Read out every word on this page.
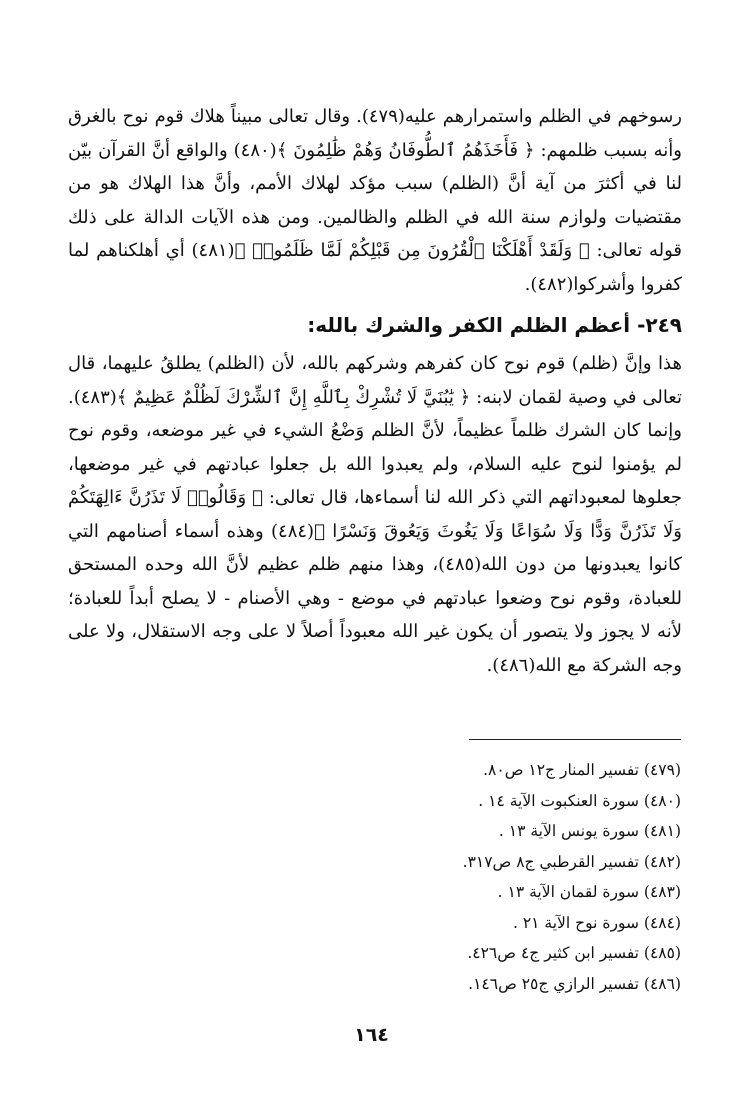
رسوخهم في الظلم واستمرارهم عليه(٤٧٩). وقال تعالى مبيناً هلاك قوم نوح بالغرق وأنه بسبب ظلمهم: ﴿ فَأَخَذَهُمُ ٱلطُّوفَانُ وَهُمْ ظَٰلِمُونَ ﴾(٤٨٠) والواقع أنَّ القرآن بيّن لنا في أكثرَ من آية أنَّ (الظلم) سبب مؤكد لهلاك الأمم، وأنَّ هذا الهلاك هو من مقتضيات ولوازم سنة الله في الظلم والظالمين. ومن هذه الآيات الدالة على ذلك قوله تعالى: ﴿ وَلَقَدْ أَهْلَكْنَا ٱلْقُرُونَ مِن قَبْلِكُمْ لَمَّا ظَلَمُوا۟ ﴾(٤٨١) أي أهلكناهم لما كفروا وأشركوا(٤٨٢).

٢٤٩- أعظم الظلم الكفر والشرك بالله:

هذا وإنَّ (ظلم) قوم نوح كان كفرهم وشركهم بالله، لأن (الظلم) يطلقُ عليهما، قال تعالى في وصية لقمان لابنه: ﴿ يَٰبُنَيَّ لَا تُشْرِكْ بِٱللَّهِ إِنَّ ٱلشِّرْكَ لَظُلْمٌ عَظِيمٌ ﴾(٤٨٣). وإنما كان الشرك ظلماً عظيماً، لأنَّ الظلم وَضْعُ الشيء في غير موضعه، وقوم نوح لم يؤمنوا لنوح عليه السلام، ولم يعبدوا الله بل جعلوا عبادتهم في غير موضعها، جعلوها لمعبوداتهم التي ذكر الله لنا أسماءها، قال تعالى: ﴿ وَقَالُوا۟ لَا تَذَرُنَّ ءَالِهَتَكُمْ وَلَا تَذَرُنَّ وَدًّا وَلَا سُوَاعًا وَلَا يَغُوثَ وَيَعُوقَ وَنَسْرًا ﴾(٤٨٤) وهذه أسماء أصنامهم التي كانوا يعبدونها من دون الله(٤٨٥)، وهذا منهم ظلم عظيم لأنَّ الله وحده المستحق للعبادة، وقوم نوح وضعوا عبادتهم في موضع - وهي الأصنام - لا يصلح أبداً للعبادة؛ لأنه لا يجوز ولا يتصور أن يكون غير الله معبوداً أصلاً لا على وجه الاستقلال، ولا على وجه الشركة مع الله(٤٨٦).

(٤٧٩) تفسير المنار ج١٢ ص٨٠.
(٤٨٠) سورة العنكبوت الآية ١٤ .
(٤٨١) سورة يونس الآية ١٣ .
(٤٨٢) تفسير القرطبي ج٨ ص٣١٧.
(٤٨٣) سورة لقمان الآية ١٣ .
(٤٨٤) سورة نوح الآية ٢١ .
(٤٨٥) تفسير ابن كثير ج٤ ص٤٢٦.
(٤٨٦) تفسير الرازي ج٢٥ ص١٤٦.
١٦٤
